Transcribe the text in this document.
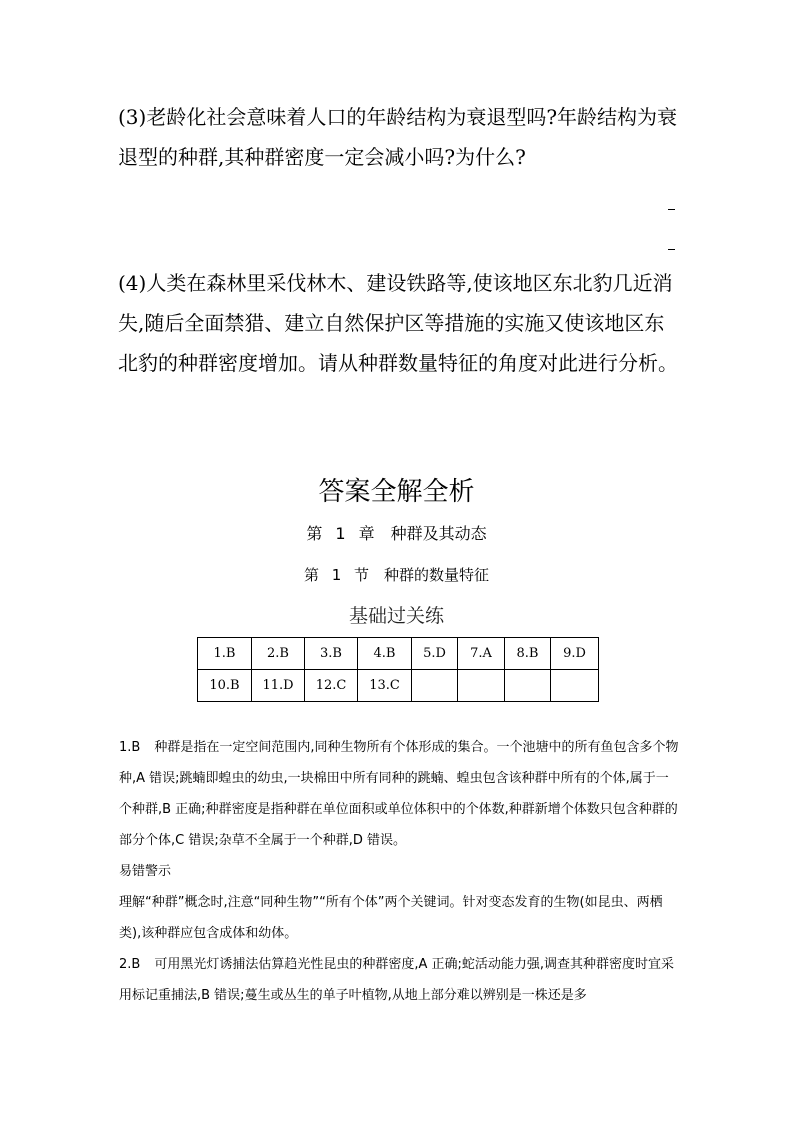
(3)老龄化社会意味着人口的年龄结构为衰退型吗?年龄结构为衰退型的种群,其种群密度一定会减小吗?为什么?

(4)人类在森林里采伐林木、建设铁路等,使该地区东北豹几近消失,随后全面禁猎、建立自然保护区等措施的实施又使该地区东北豹的种群密度增加。请从种群数量特征的角度对此进行分析。

答案全解全析
第 1 章　种群及其动态
第 1 节　种群的数量特征
基础过关练
1.B	2.B	3.B	4.B	5.D	7.A	8.B	9.D
10.B	11.D	12.C	13.C				

1.B 种群是指在一定空间范围内,同种生物所有个体形成的集合。一个池塘中的所有鱼包含多个物种,A 错误;跳蝻即蝗虫的幼虫,一块棉田中所有同种的跳蝻、蝗虫包含该种群中所有的个体,属于一个种群,B 正确;种群密度是指种群在单位面积或单位体积中的个体数,种群新增个体数只包含种群的部分个体,C 错误;杂草不全属于一个种群,D 错误。

易错警示

理解“种群”概念时,注意“同种生物”“所有个体”两个关键词。针对变态发育的生物(如昆虫、两栖类),该种群应包含成体和幼体。

2.B 可用黑光灯诱捕法估算趋光性昆虫的种群密度,A 正确;蛇活动能力强,调查其种群密度时宜采用标记重捕法,B 错误;蔓生或丛生的单子叶植物,从地上部分难以辨别是一株还是多
